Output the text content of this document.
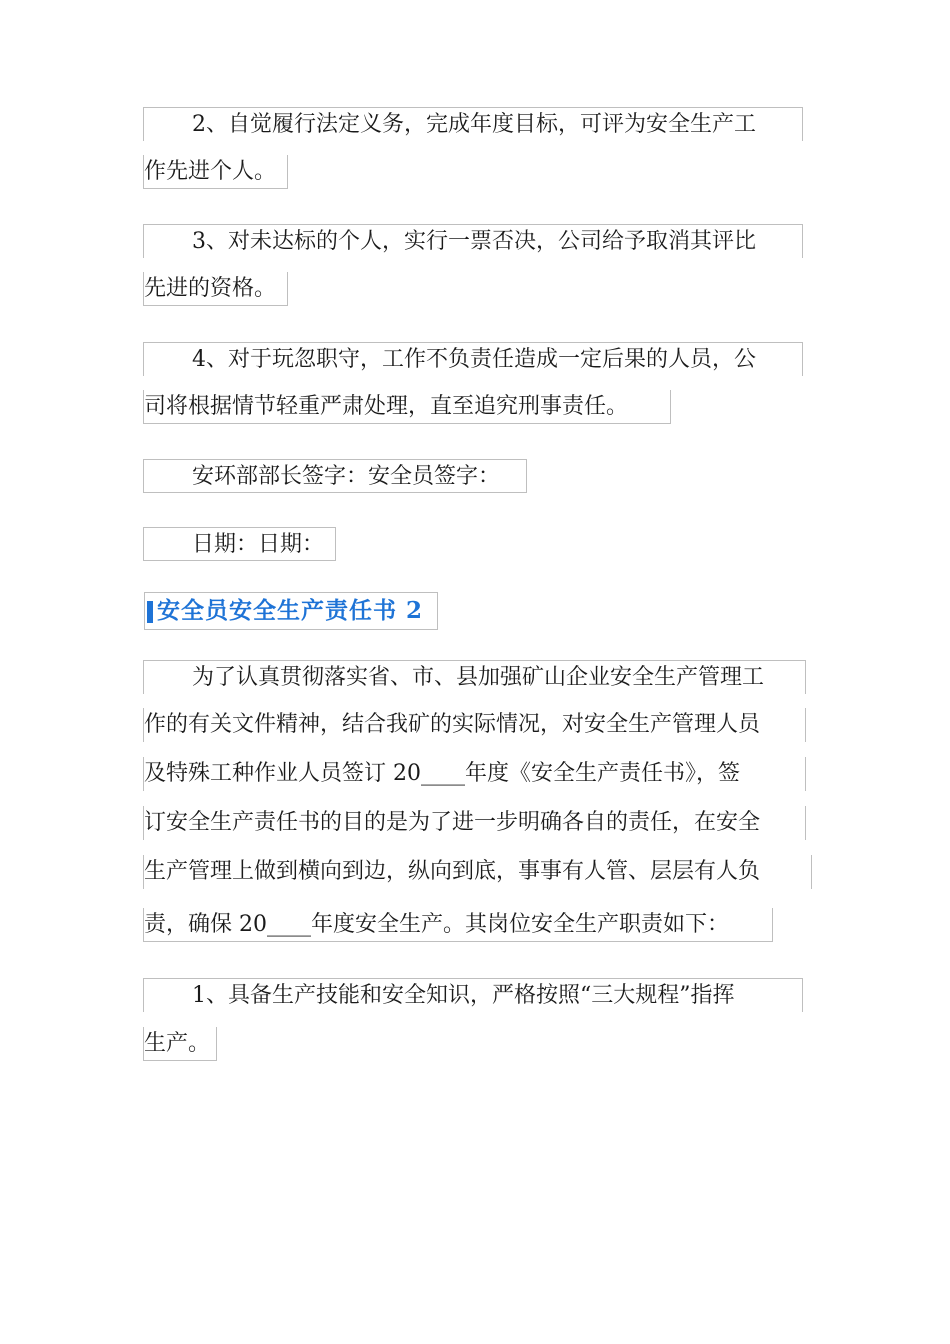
2、自觉履行法定义务，完成年度目标，可评为安全生产工
作先进个人。
3、对未达标的个人，实行一票否决，公司给予取消其评比
先进的资格。
4、对于玩忽职守，工作不负责任造成一定后果的人员，公
司将根据情节轻重严肃处理，直至追究刑事责任。
安环部部长签字：安全员签字：
日期：日期：
安全员安全生产责任书 2
为了认真贯彻落实省、市、县加强矿山企业安全生产管理工
作的有关文件精神，结合我矿的实际情况，对安全生产管理人员
及特殊工种作业人员签订 20____年度《安全生产责任书》，签
订安全生产责任书的目的是为了进一步明确各自的责任，在安全
生产管理上做到横向到边，纵向到底，事事有人管、层层有人负
责，确保 20____年度安全生产。其岗位安全生产职责如下：
1、具备生产技能和安全知识，严格按照“三大规程”指挥
生产。
